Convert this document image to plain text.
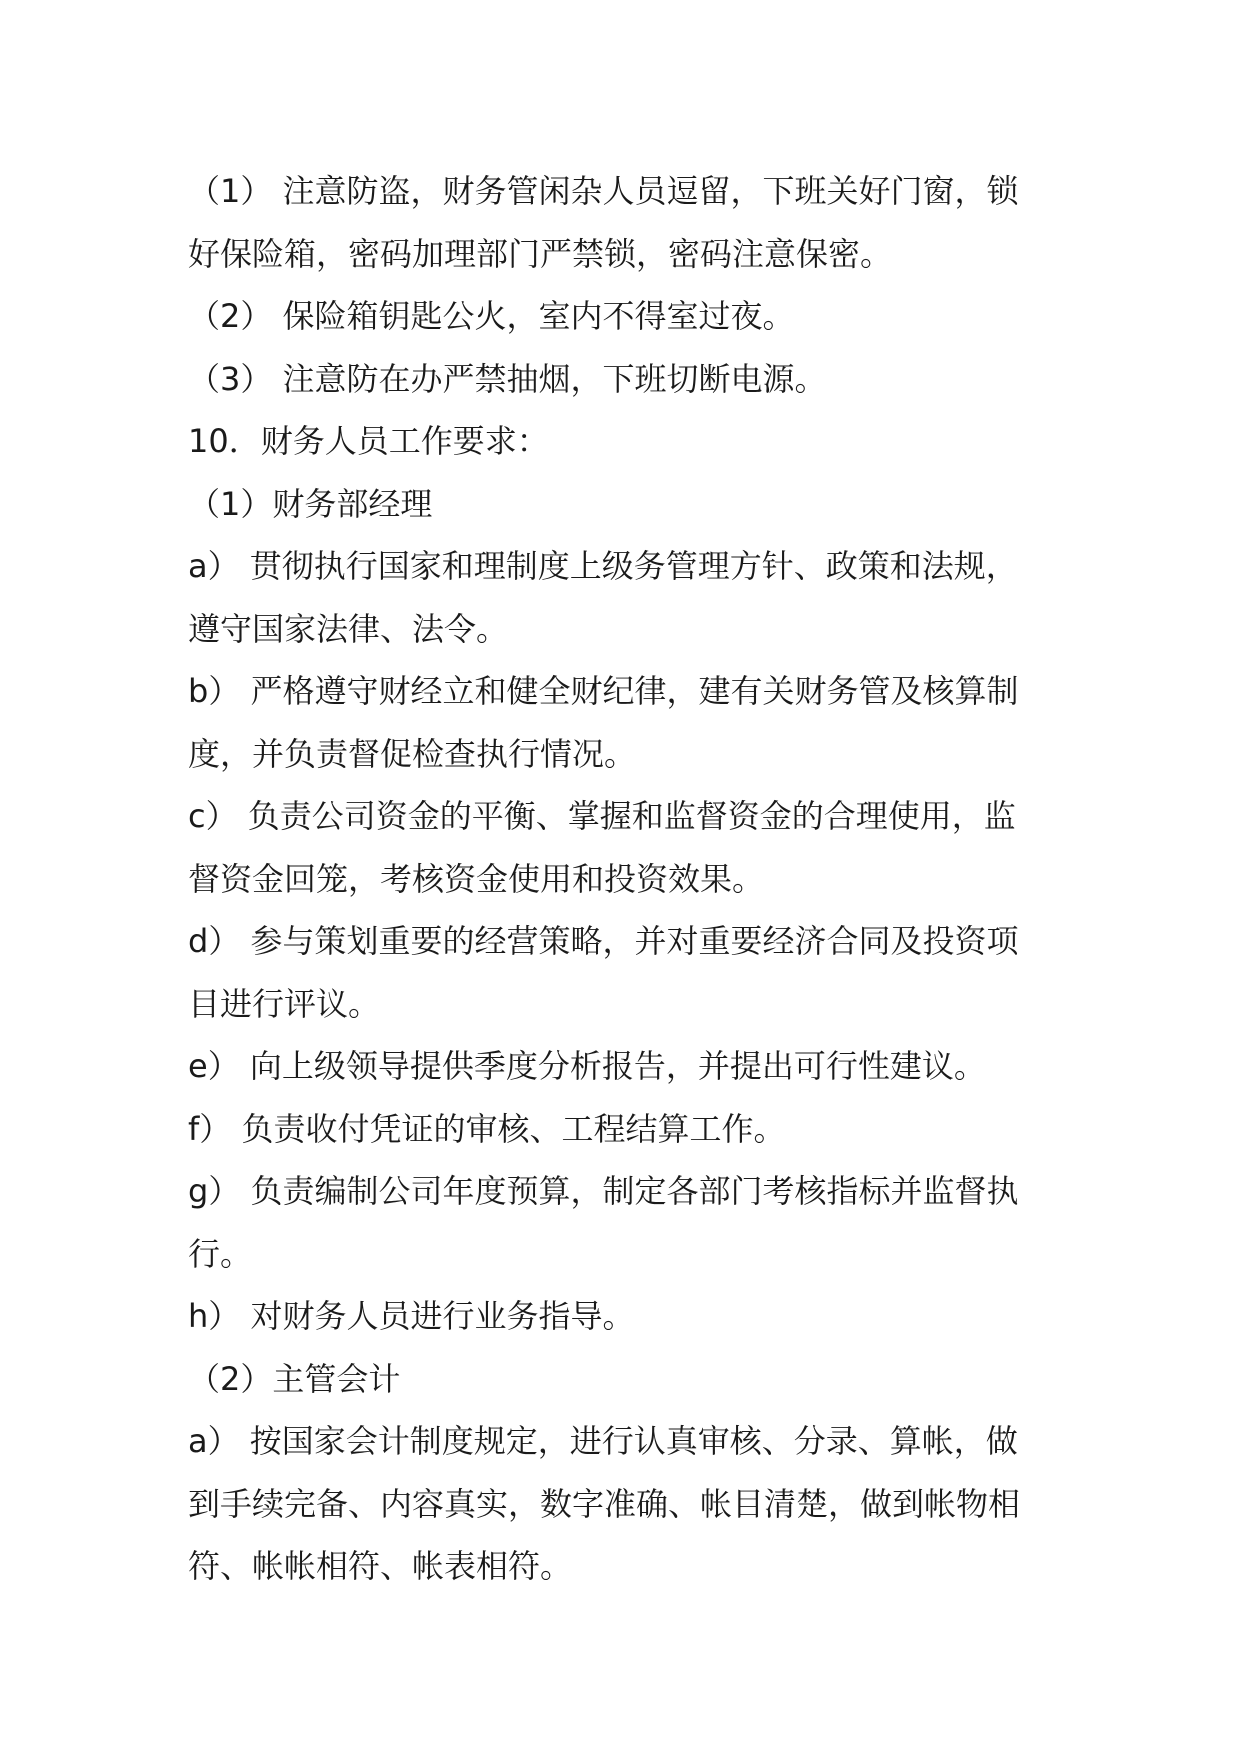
（1） 注意防盗，财务管闲杂人员逗留，下班关好门窗，锁
好保险箱，密码加理部门严禁锁，密码注意保密。
（2） 保险箱钥匙公火，室内不得室过夜。
（3） 注意防在办严禁抽烟，下班切断电源。
10．财务人员工作要求：
（1）财务部经理
a） 贯彻执行国家和理制度上级务管理方针、政策和法规，
遵守国家法律、法令。
b） 严格遵守财经立和健全财纪律，建有关财务管及核算制
度，并负责督促检查执行情况。
c） 负责公司资金的平衡、掌握和监督资金的合理使用，监
督资金回笼，考核资金使用和投资效果。
d） 参与策划重要的经营策略，并对重要经济合同及投资项
目进行评议。
e） 向上级领导提供季度分析报告，并提出可行性建议。
f） 负责收付凭证的审核、工程结算工作。
g） 负责编制公司年度预算，制定各部门考核指标并监督执
行。
h） 对财务人员进行业务指导。
（2）主管会计
a） 按国家会计制度规定，进行认真审核、分录、算帐，做
到手续完备、内容真实，数字准确、帐目清楚，做到帐物相
符、帐帐相符、帐表相符。
